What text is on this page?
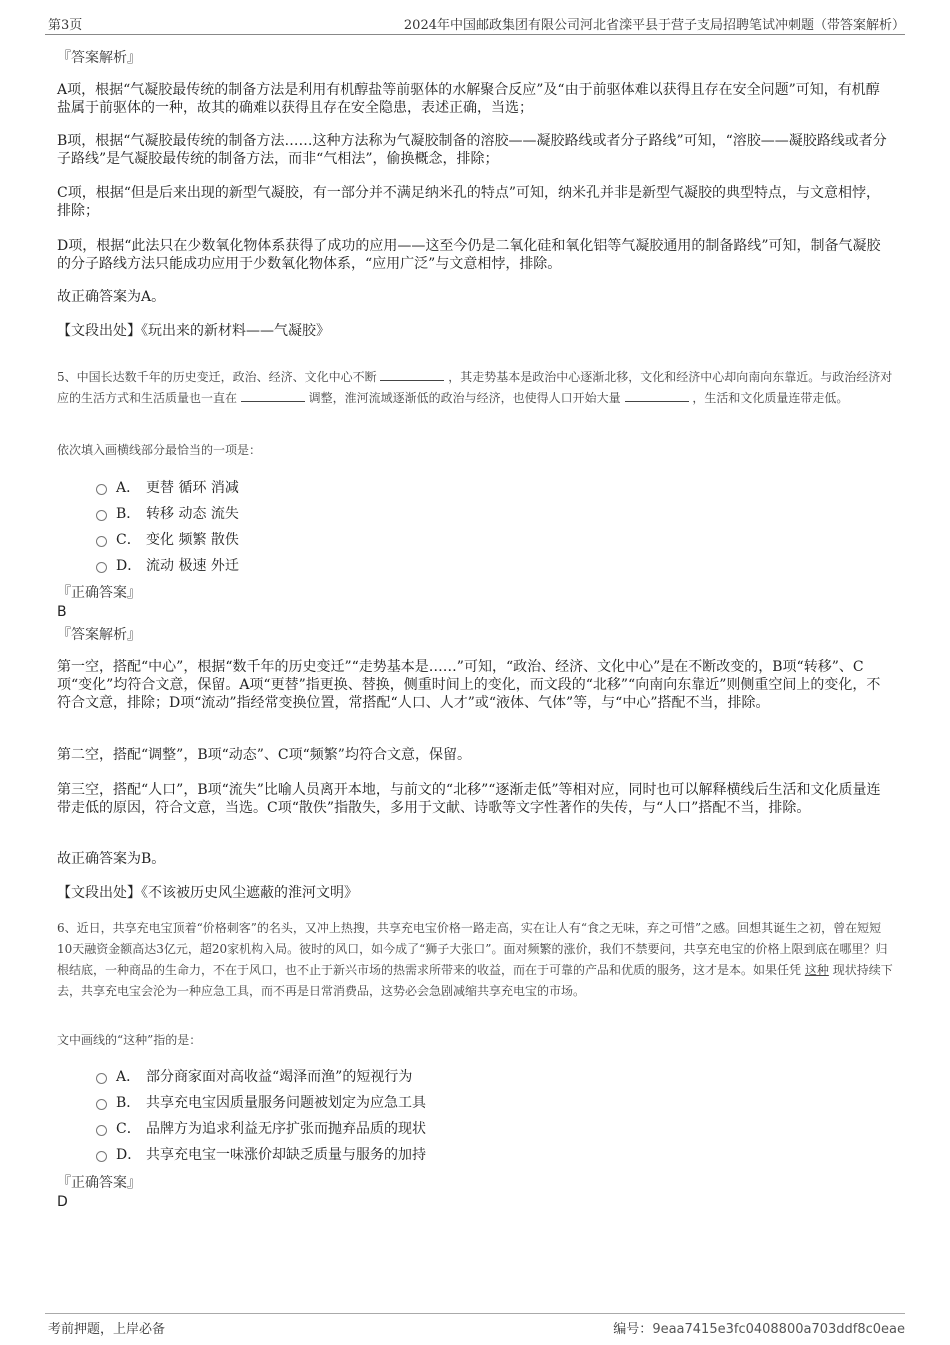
第3页	2024年中国邮政集团有限公司河北省滦平县于营子支局招聘笔试冲刺题（带答案解析）
『答案解析』
A项，根据“气凝胶最传统的制备方法是利用有机醇盐等前驱体的水解聚合反应”及“由于前驱体难以获得且存在安全问题”可知，有机醇盐属于前驱体的一种，故其的确难以获得且存在安全隐患，表述正确，当选；
B项，根据“气凝胶最传统的制备方法……这种方法称为气凝胶制备的溶胶——凝胶路线或者分子路线”可知，“溶胶——凝胶路线或者分子路线”是气凝胶最传统的制备方法，而非“气相法”，偷换概念，排除；
C项，根据“但是后来出现的新型气凝胶，有一部分并不满足纳米孔的特点”可知，纳米孔并非是新型气凝胶的典型特点，与文意相悖，排除；
D项，根据“此法只在少数氧化物体系获得了成功的应用——这至今仍是二氧化硅和氧化铝等气凝胶通用的制备路线”可知，制备气凝胶的分子路线方法只能成功应用于少数氧化物体系，“应用广泛”与文意相悖，排除。
故正确答案为A。
【文段出处】《玩出来的新材料——气凝胶》
5、中国长达数千年的历史变迁，政治、经济、文化中心不断	，其走势基本是政治中心逐渐北移，文化和经济中心却向南向东靠近。与政治经济对应的生活方式和生活质量也一直在	调整，淮河流域逐渐低的政治与经济，也使得人口开始大量	，生活和文化质量连带走低。
依次填入画横线部分最恰当的一项是：
A． 更替 循环 消减
B． 转移 动态 流失
C． 变化 频繁 散佚
D． 流动 极速 外迁
『正确答案』
B
『答案解析』
第一空，搭配“中心”，根据“数千年的历史变迁”“走势基本是……”可知，“政治、经济、文化中心”是在不断改变的，B项“转移”、C项“变化”均符合文意，保留。A项“更替”指更换、替换，侧重时间上的变化，而文段的“北移”“向南向东靠近”则侧重空间上的变化，不符合文意，排除；D项“流动”指经常变换位置，常搭配“人口、人才”或“液体、气体”等，与“中心”搭配不当，排除。
第二空，搭配“调整”，B项“动态”、C项“频繁”均符合文意，保留。
第三空，搭配“人口”，B项“流失”比喻人员离开本地，与前文的“北移”“逐渐走低”等相对应，同时也可以解释横线后生活和文化质量连带走低的原因，符合文意，当选。C项“散佚”指散失，多用于文献、诗歌等文字性著作的失传，与“人口”搭配不当，排除。
故正确答案为B。
【文段出处】《不该被历史风尘遮蔽的淮河文明》
6、近日，共享充电宝顶着“价格刺客”的名头，又冲上热搜，共享充电宝价格一路走高，实在让人有“食之无味，弃之可惜”之感。回想其诞生之初，曾在短短10天融资金额高达3亿元，超20家机构入局。彼时的风口，如今成了“狮子大张口”。面对频繁的涨价，我们不禁要问，共享充电宝的价格上限到底在哪里？归根结底，一种商品的生命力，不在于风口，也不止于新兴市场的热需求所带来的收益，而在于可靠的产品和优质的服务，这才是本。如果任凭 这种 现状持续下去，共享充电宝会沦为一种应急工具，而不再是日常消费品，这势必会急剧减缩共享充电宝的市场。
文中画线的“这种”指的是：
A． 部分商家面对高收益“竭泽而渔”的短视行为
B． 共享充电宝因质量服务问题被划定为应急工具
C． 品牌方为追求利益无序扩张而抛弃品质的现状
D． 共享充电宝一味涨价却缺乏质量与服务的加持
『正确答案』
D
考前押题，上岸必备	编号：9eaa7415e3fc0408800a703ddf8c0eae
